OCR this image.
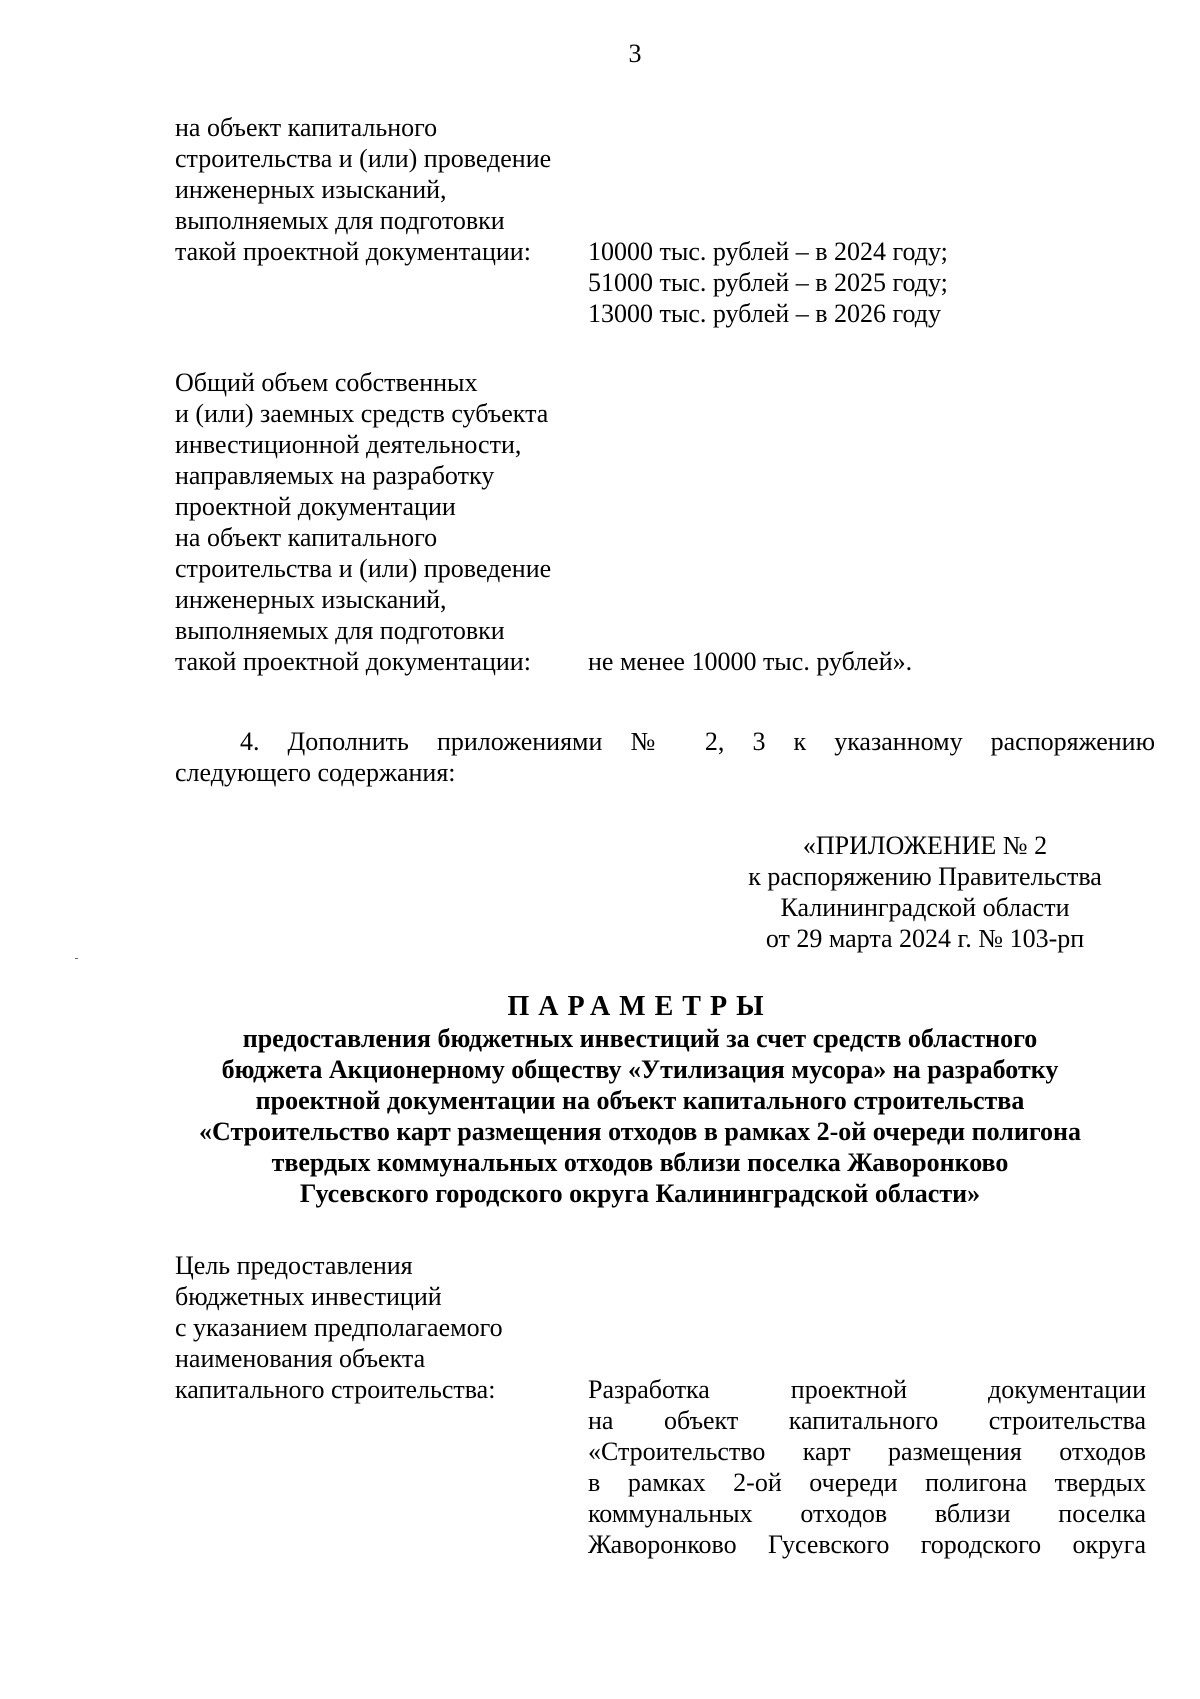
3
на объект капитального
строительства и (или) проведение
инженерных изысканий,
выполняемых для подготовки
такой проектной документации:	10000 тыс. рублей – в 2024 году;
51000 тыс. рублей – в 2025 году;
13000 тыс. рублей – в 2026 году
Общий объем собственных
и (или) заемных средств субъекта
инвестиционной деятельности,
направляемых на разработку
проектной документации
на объект капитального
строительства и (или) проведение
инженерных изысканий,
выполняемых для подготовки
такой проектной документации:	не менее 10000 тыс. рублей».
4. Дополнить приложениями № 2, 3 к указанному распоряжению
следующего содержания:
«ПРИЛОЖЕНИЕ № 2
к распоряжению Правительства
Калининградской области
от 29 марта 2024 г. № 103-рп
ПАРАМЕТРЫ
предоставления бюджетных инвестиций за счет средств областного
бюджета Акционерному обществу «Утилизация мусора» на разработку
проектной документации на объект капитального строительства
«Строительство карт размещения отходов в рамках 2-ой очереди полигона
твердых коммунальных отходов вблизи поселка Жаворонково
Гусевского городского округа Калининградской области»
Цель предоставления
бюджетных инвестиций
с указанием предполагаемого
наименования объекта
капитального строительства:	Разработка проектной документации
на объект капитального строительства
«Строительство карт размещения отходов
в рамках 2-ой очереди полигона твердых
коммунальных отходов вблизи поселка
Жаворонково Гусевского городского округа
